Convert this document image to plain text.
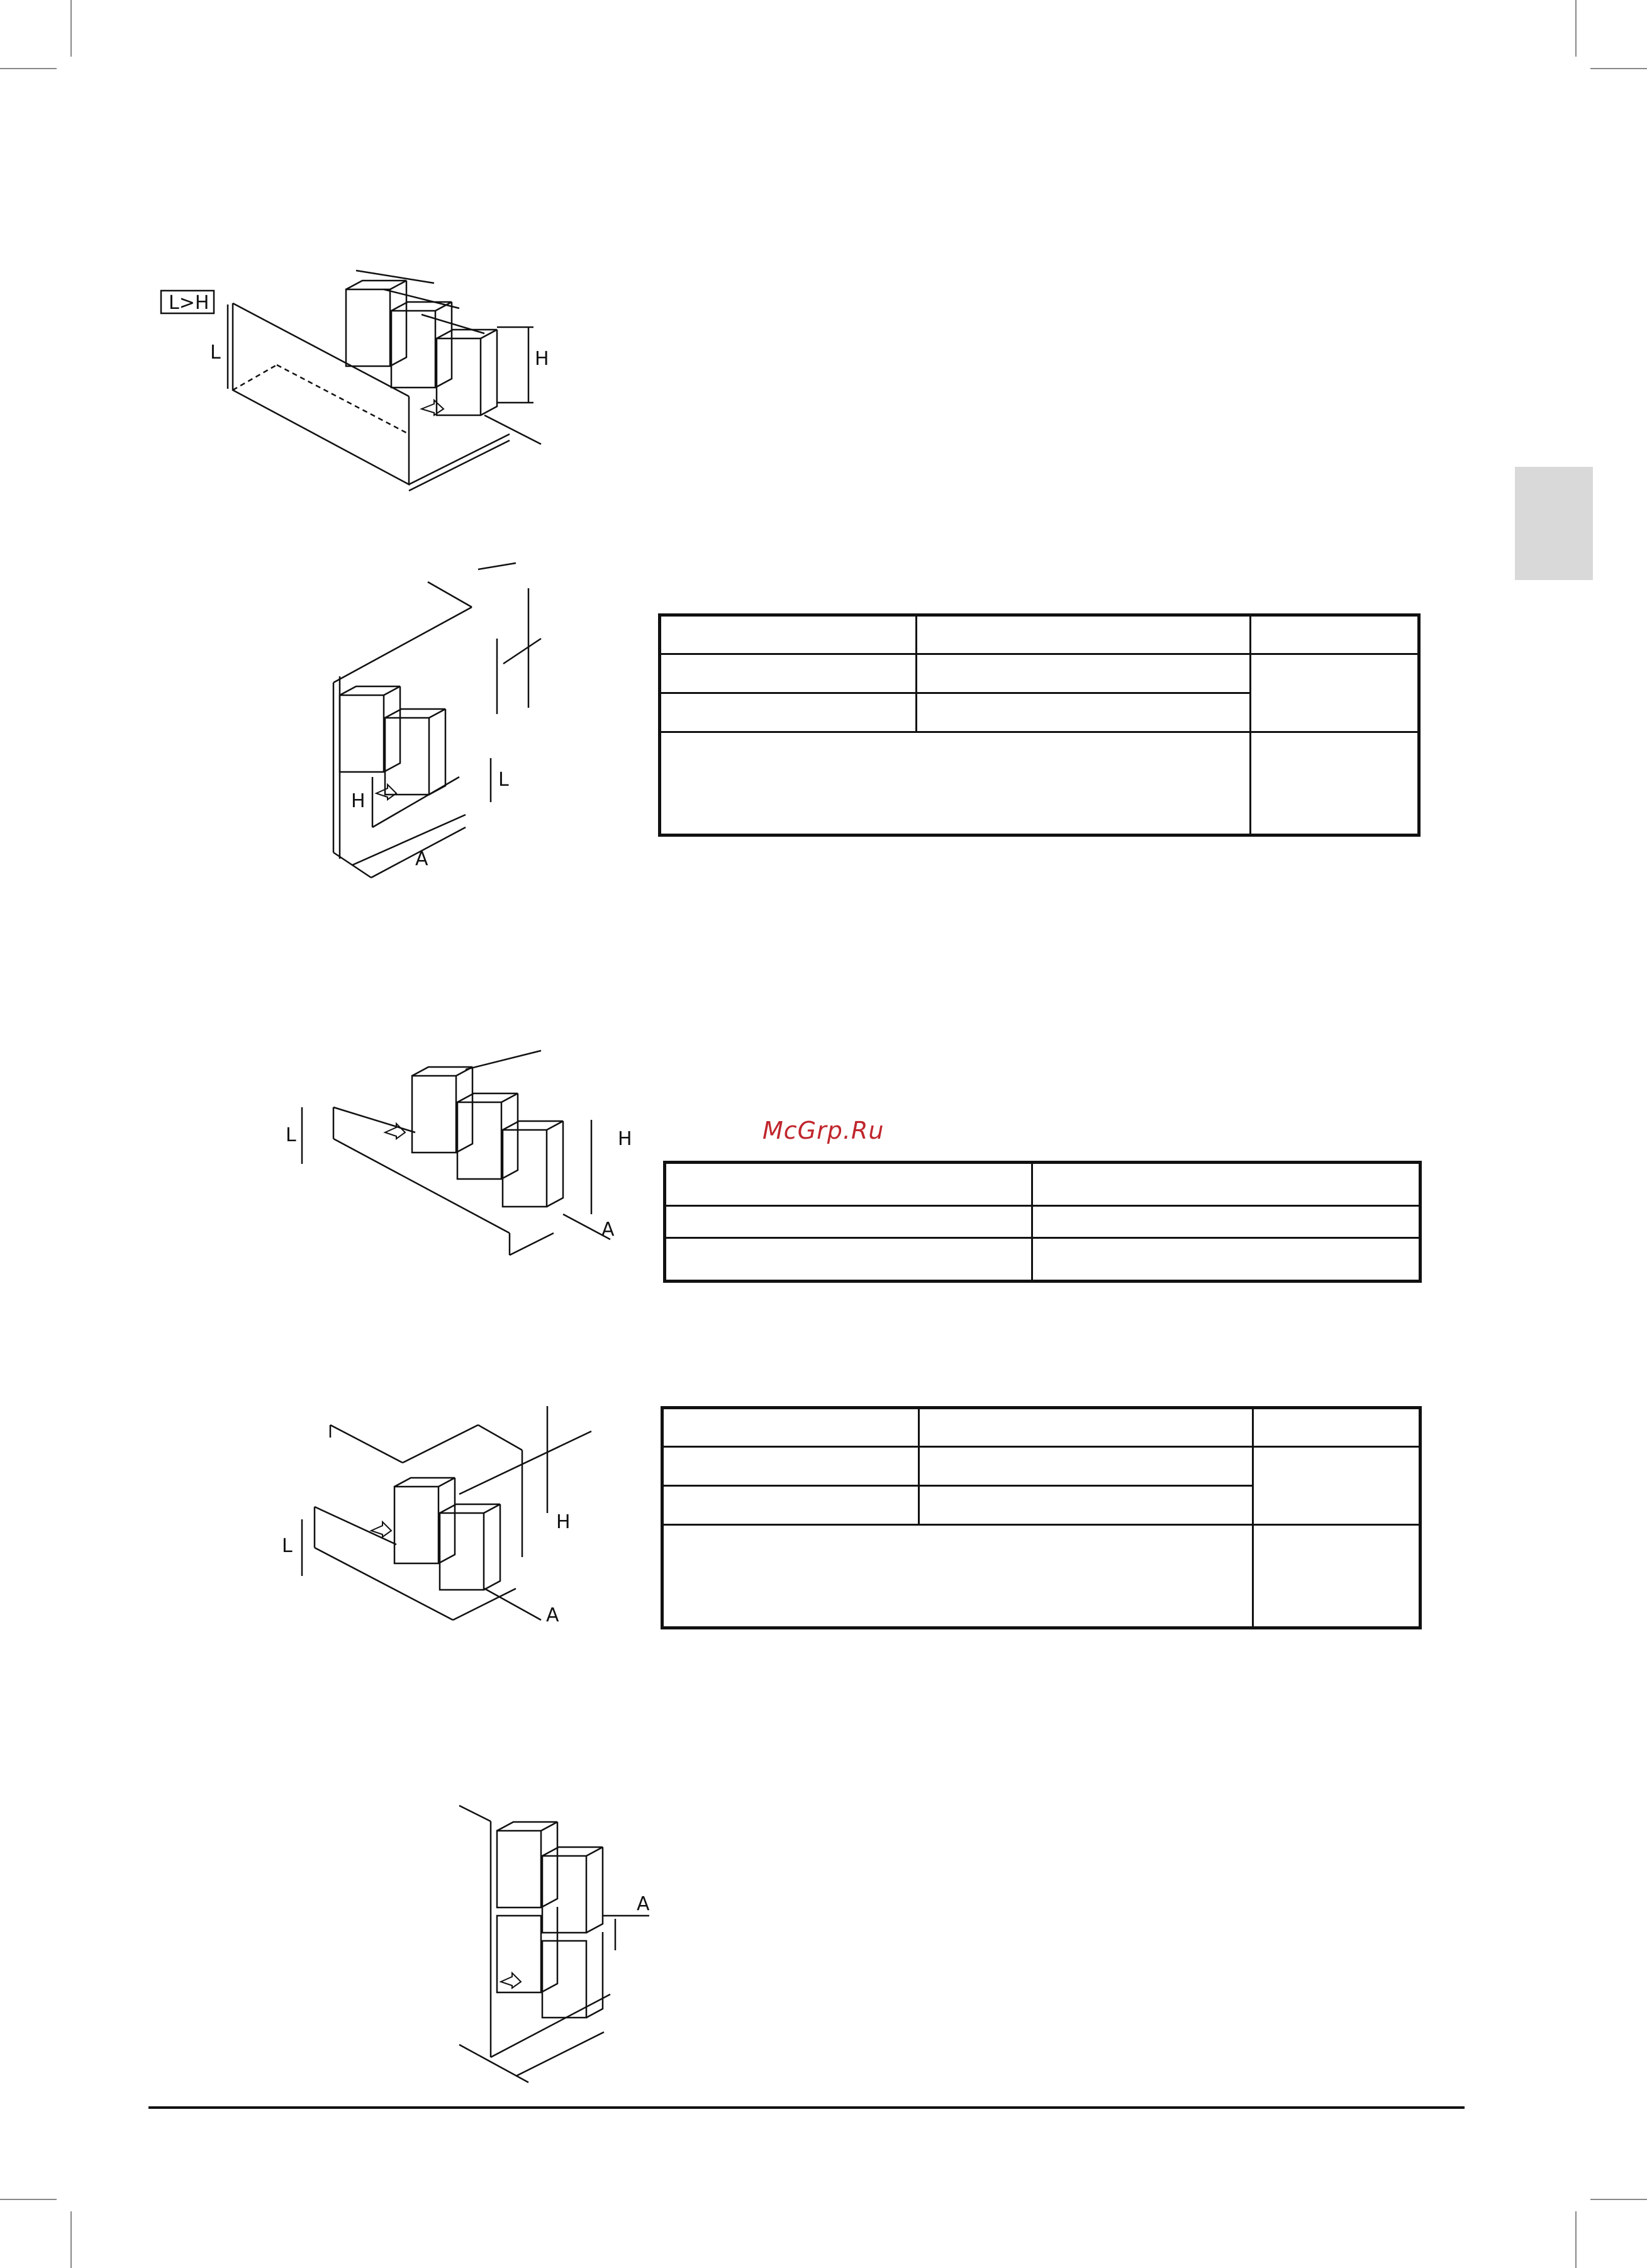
L>H
L	H
H
L
A

L	H
A
McGrp.Ru

L
H
A

A
